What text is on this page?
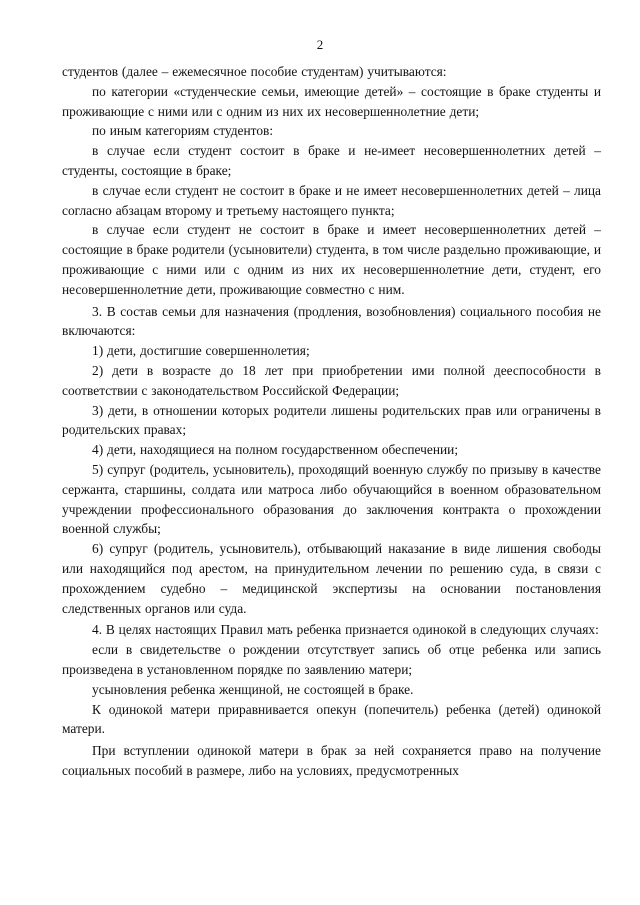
2

студентов (далее – ежемесячное пособие студентам) учитываются:

по категории «студенческие семьи, имеющие детей» – состоящие в браке студенты и проживающие с ними или с одним из них их несовершеннолетние дети;

по иным категориям студентов:

в случае если студент состоит в браке и не-имеет несовершеннолетних детей – студенты, состоящие в браке;

в случае если студент не состоит в браке и не имеет несовершеннолетних детей – лица согласно абзацам второму и третьему настоящего пункта;

в случае если студент не состоит в браке и имеет несовершеннолетних детей – состоящие в браке родители (усыновители) студента, в том числе раздельно проживающие, и проживающие с ними или с одним из них их несовершеннолетние дети, студент, его несовершеннолетние дети, проживающие совместно с ним.

3. В состав семьи для назначения (продления, возобновления) социального пособия не включаются:

1) дети, достигшие совершеннолетия;

2) дети в возрасте до 18 лет при приобретении ими полной дееспособности в соответствии с законодательством Российской Федерации;

3) дети, в отношении которых родители лишены родительских прав или ограничены в родительских правах;

4) дети, находящиеся на полном государственном обеспечении;

5) супруг (родитель, усыновитель), проходящий военную службу по призыву в качестве сержанта, старшины, солдата или матроса либо обучающийся в военном образовательном учреждении профессионального образования до заключения контракта о прохождении военной службы;

6) супруг (родитель, усыновитель), отбывающий наказание в виде лишения свободы или находящийся под арестом, на принудительном лечении по решению суда, в связи с прохождением судебно – медицинской экспертизы на основании постановления следственных органов или суда.

4. В целях настоящих Правил мать ребенка признается одинокой в следующих случаях:

если в свидетельстве о рождении отсутствует запись об отце ребенка или запись произведена в установленном порядке по заявлению матери;

усыновления ребенка женщиной, не состоящей в браке.

К одинокой матери приравнивается опекун (попечитель) ребенка (детей) одинокой матери.

При вступлении одинокой матери в брак за ней сохраняется право на получение социальных пособий в размере, либо на условиях, предусмотренных
